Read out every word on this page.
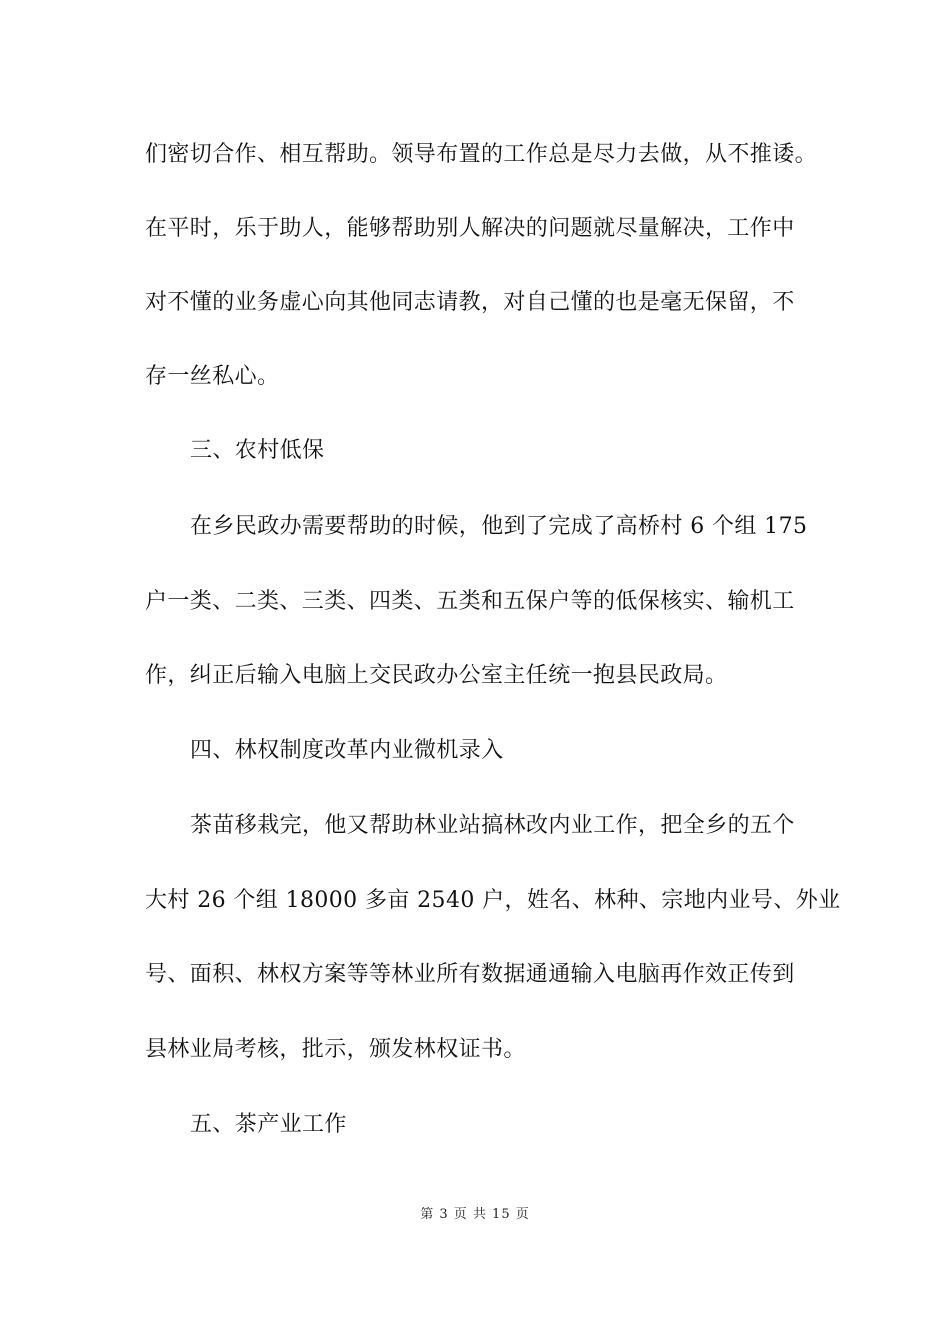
们密切合作、相互帮助。领导布置的工作总是尽力去做，从不推诿。
在平时，乐于助人，能够帮助别人解决的问题就尽量解决，工作中
对不懂的业务虚心向其他同志请教，对自己懂的也是毫无保留，不
存一丝私心。
三、农村低保
在乡民政办需要帮助的时候，他到了完成了高桥村 6 个组 175
户一类、二类、三类、四类、五类和五保户等的低保核实、输机工
作，纠正后输入电脑上交民政办公室主任统一抱县民政局。
四、林权制度改革内业微机录入
茶苗移栽完，他又帮助林业站搞林改内业工作，把全乡的五个
大村 26 个组 18000 多亩 2540 户，姓名、林种、宗地内业号、外业
号、面积、林权方案等等林业所有数据通通输入电脑再作效正传到
县林业局考核，批示，颁发林权证书。
五、茶产业工作
第 3 页 共 15 页
